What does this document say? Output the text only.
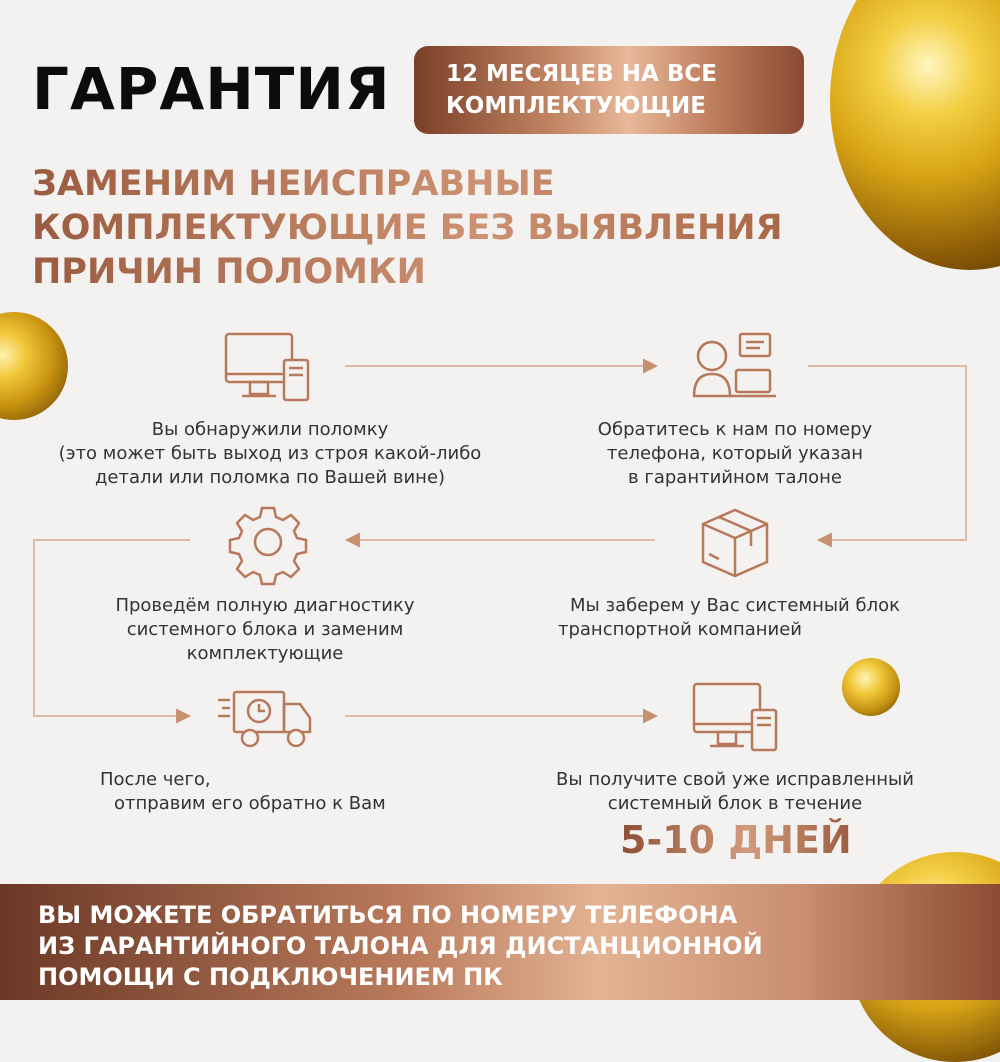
ГАРАНТИЯ 12 МЕСЯЦЕВ НА ВСЕ
КОМПЛЕКТУЮЩИЕ
ЗАМЕНИМ НЕИСПРАВНЫЕ
КОМПЛЕКТУЮЩИЕ БЕЗ ВЫЯВЛЕНИЯ
ПРИЧИН ПОЛОМКИ
Вы обнаружили поломку
(это может быть выход из строя какой-либо
детали или поломка по Вашей вине)
Обратитесь к нам по номеру
телефона, который указан
в гарантийном талоне
Мы заберем у Вас системный блок
транспортной компанией
Проведём полную диагностику
системного блока и заменим
комплектующие
После чего,
отправим его обратно к Вам
Вы получите свой уже исправленный
системный блок в течение
5-10 ДНЕЙ
ВЫ МОЖЕТЕ ОБРАТИТЬСЯ ПО НОМЕРУ ТЕЛЕФОНА
ИЗ ГАРАНТИЙНОГО ТАЛОНА ДЛЯ ДИСТАНЦИОННОЙ
ПОМОЩИ С ПОДКЛЮЧЕНИЕМ ПК
